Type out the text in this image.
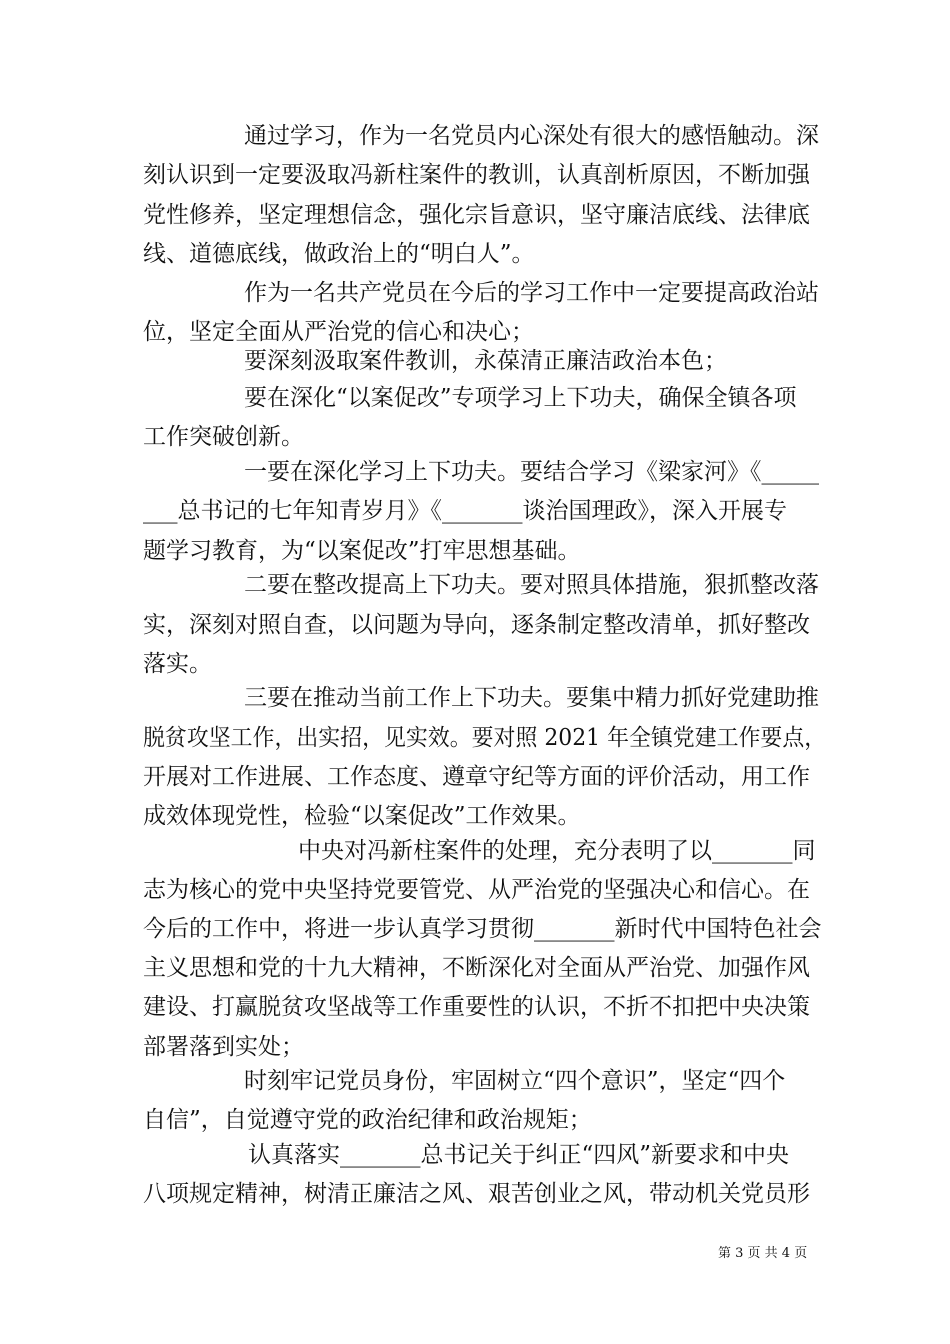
通过学习，作为一名党员内心深处有很大的感悟触动。深
刻认识到一定要汲取冯新柱案件的教训，认真剖析原因，不断加强
党性修养，坚定理想信念，强化宗旨意识，坚守廉洁底线、法律底
线、道德底线，做政治上的“明白人”。
作为一名共产党员在今后的学习工作中一定要提高政治站
位，坚定全面从严治党的信心和决心；
要深刻汲取案件教训，永葆清正廉洁政治本色；
要在深化“以案促改”专项学习上下功夫，确保全镇各项
工作突破创新。
一要在深化学习上下功夫。要结合学习《梁家河》《_____
___总书记的七年知青岁月》《_______谈治国理政》，深入开展专
题学习教育，为“以案促改”打牢思想基础。
二要在整改提高上下功夫。要对照具体措施，狠抓整改落
实，深刻对照自查，以问题为导向，逐条制定整改清单，抓好整改
落实。
三要在推动当前工作上下功夫。要集中精力抓好党建助推
脱贫攻坚工作，出实招，见实效。要对照 2021 年全镇党建工作要点，
开展对工作进展、工作态度、遵章守纪等方面的评价活动，用工作
成效体现党性，检验“以案促改”工作效果。
中央对冯新柱案件的处理，充分表明了以_______同
志为核心的党中央坚持党要管党、从严治党的坚强决心和信心。在
今后的工作中，将进一步认真学习贯彻_______新时代中国特色社会
主义思想和党的十九大精神，不断深化对全面从严治党、加强作风
建设、打赢脱贫攻坚战等工作重要性的认识，不折不扣把中央决策
部署落到实处；
时刻牢记党员身份，牢固树立“四个意识”，坚定“四个
自信”，自觉遵守党的政治纪律和政治规矩；
认真落实_______总书记关于纠正“四风”新要求和中央
八项规定精神，树清正廉洁之风、艰苦创业之风，带动机关党员形
第 3 页 共 4 页
